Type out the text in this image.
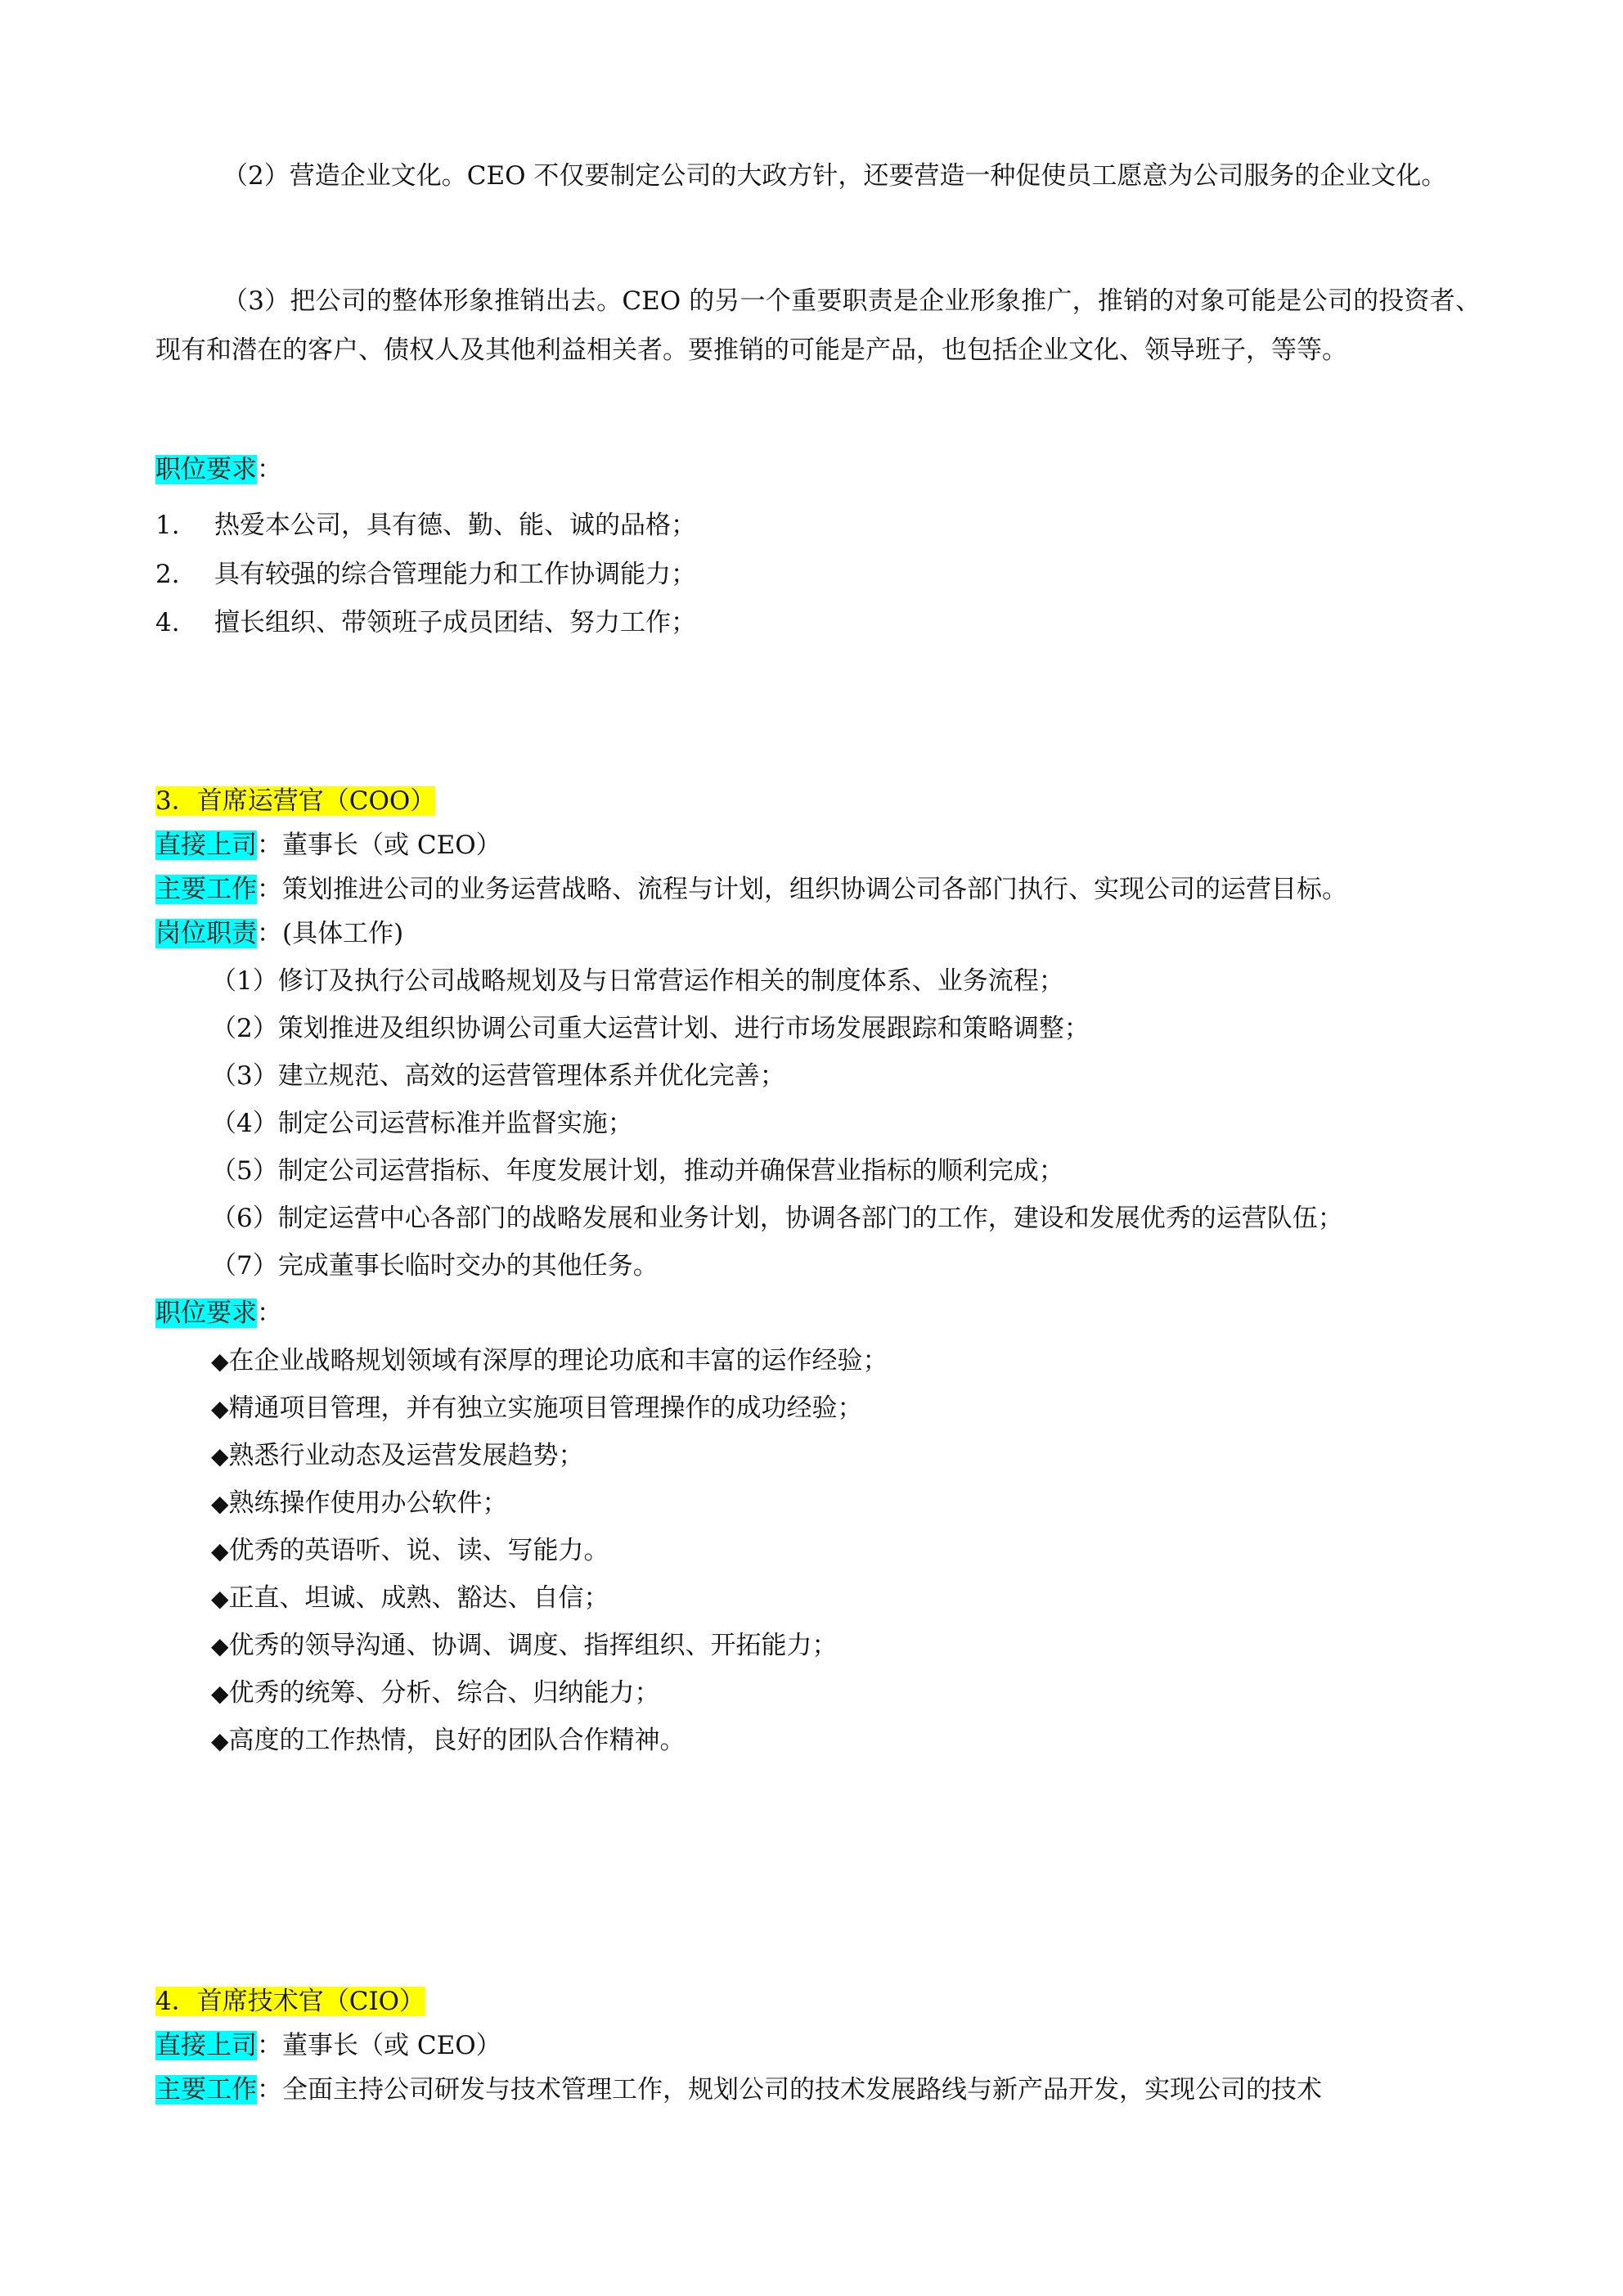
（2）营造企业文化。CEO 不仅要制定公司的大政方针，还要营造一种促使员工愿意为公司服务的企业文化。

（3）把公司的整体形象推销出去。CEO 的另一个重要职责是企业形象推广，推销的对象可能是公司的投资者、现有和潜在的客户、债权人及其他利益相关者。要推销的可能是产品，也包括企业文化、领导班子，等等。

职位要求：
1. 热爱本公司，具有德、勤、能、诚的品格；
2. 具有较强的综合管理能力和工作协调能力；
4. 擅长组织、带领班子成员团结、努力工作；
3．首席运营官（COO）
直接上司：董事长（或 CEO）
主要工作：策划推进公司的业务运营战略、流程与计划，组织协调公司各部门执行、实现公司的运营目标。
岗位职责：(具体工作)
（1）修订及执行公司战略规划及与日常营运作相关的制度体系、业务流程；
（2）策划推进及组织协调公司重大运营计划、进行市场发展跟踪和策略调整；
（3）建立规范、高效的运营管理体系并优化完善；
（4）制定公司运营标准并监督实施；
（5）制定公司运营指标、年度发展计划，推动并确保营业指标的顺利完成；
（6）制定运营中心各部门的战略发展和业务计划，协调各部门的工作，建设和发展优秀的运营队伍；
（7）完成董事长临时交办的其他任务。
职位要求：
◆在企业战略规划领域有深厚的理论功底和丰富的运作经验；
◆精通项目管理，并有独立实施项目管理操作的成功经验；
◆熟悉行业动态及运营发展趋势；
◆熟练操作使用办公软件；
◆优秀的英语听、说、读、写能力。
◆正直、坦诚、成熟、豁达、自信；
◆优秀的领导沟通、协调、调度、指挥组织、开拓能力；
◆优秀的统筹、分析、综合、归纳能力；
◆高度的工作热情，良好的团队合作精神。
4．首席技术官（CIO）
直接上司：董事长（或 CEO）
主要工作：全面主持公司研发与技术管理工作，规划公司的技术发展路线与新产品开发，实现公司的技术
